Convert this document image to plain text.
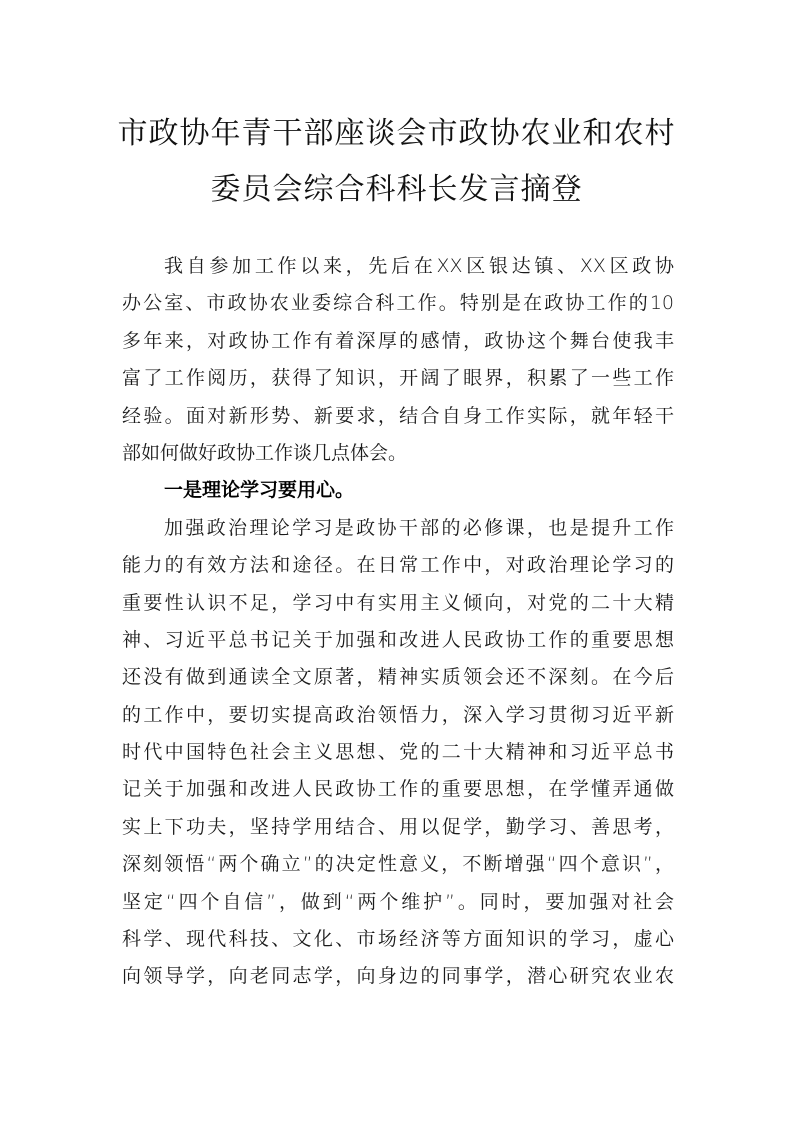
市政协年青干部座谈会市政协农业和农村
委员会综合科科长发言摘登
我自参加工作以来，先后在XX区银达镇、XX区政协
办公室、市政协农业委综合科工作。特别是在政协工作的10
多年来，对政协工作有着深厚的感情，政协这个舞台使我丰
富了工作阅历，获得了知识，开阔了眼界，积累了一些工作
经验。面对新形势、新要求，结合自身工作实际，就年轻干
部如何做好政协工作谈几点体会。
一是理论学习要用心。
加强政治理论学习是政协干部的必修课，也是提升工作
能力的有效方法和途径。在日常工作中，对政治理论学习的
重要性认识不足，学习中有实用主义倾向，对党的二十大精
神、习近平总书记关于加强和改进人民政协工作的重要思想
还没有做到通读全文原著，精神实质领会还不深刻。在今后
的工作中，要切实提高政治领悟力，深入学习贯彻习近平新
时代中国特色社会主义思想、党的二十大精神和习近平总书
记关于加强和改进人民政协工作的重要思想，在学懂弄通做
实上下功夫，坚持学用结合、用以促学，勤学习、善思考，
深刻领悟“两个确立”的决定性意义，不断增强“四个意识”，
坚定“四个自信”，做到“两个维护”。同时，要加强对社会
科学、现代科技、文化、市场经济等方面知识的学习，虚心
向领导学，向老同志学，向身边的同事学，潜心研究农业农
